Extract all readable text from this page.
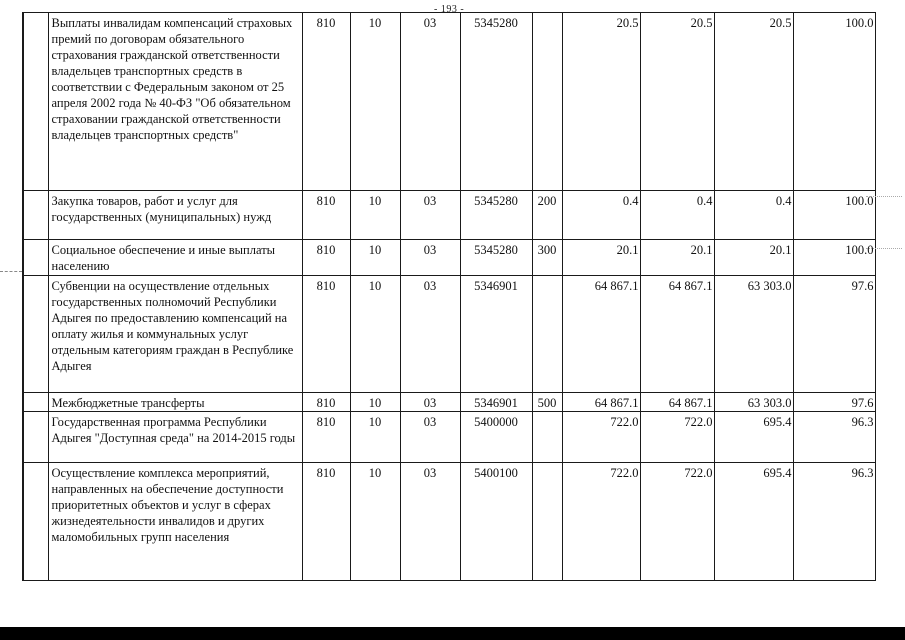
- 193 -
	Выплаты инвалидам компенсаций страховых премий по договорам обязательного страхования гражданской ответственности владельцев транспортных средств в соответствии с Федеральным законом от 25 апреля 2002 года № 40-ФЗ "Об обязательном страховании гражданской ответственности владельцев транспортных средств"	810	10	03	5345280		20.5	20.5	20.5	100.0
	Закупка товаров, работ и услуг для государственных (муниципальных) нужд	810	10	03	5345280	200	0.4	0.4	0.4	100.0
	Социальное обеспечение и иные выплаты населению	810	10	03	5345280	300	20.1	20.1	20.1	100.0
	Субвенции на осуществление отдельных государственных полномочий Республики Адыгея по предоставлению компенсаций на оплату жилья и коммунальных услуг отдельным категориям граждан в Республике Адыгея	810	10	03	5346901		64 867.1	64 867.1	63 303.0	97.6
	Межбюджетные трансферты	810	10	03	5346901	500	64 867.1	64 867.1	63 303.0	97.6
	Государственная программа Республики Адыгея "Доступная среда" на 2014-2015 годы	810	10	03	5400000		722.0	722.0	695.4	96.3
	Осуществление комплекса мероприятий, направленных на обеспечение доступности приоритетных объектов и услуг в сферах жизнедеятельности инвалидов и других маломобильных групп населения	810	10	03	5400100		722.0	722.0	695.4	96.3
